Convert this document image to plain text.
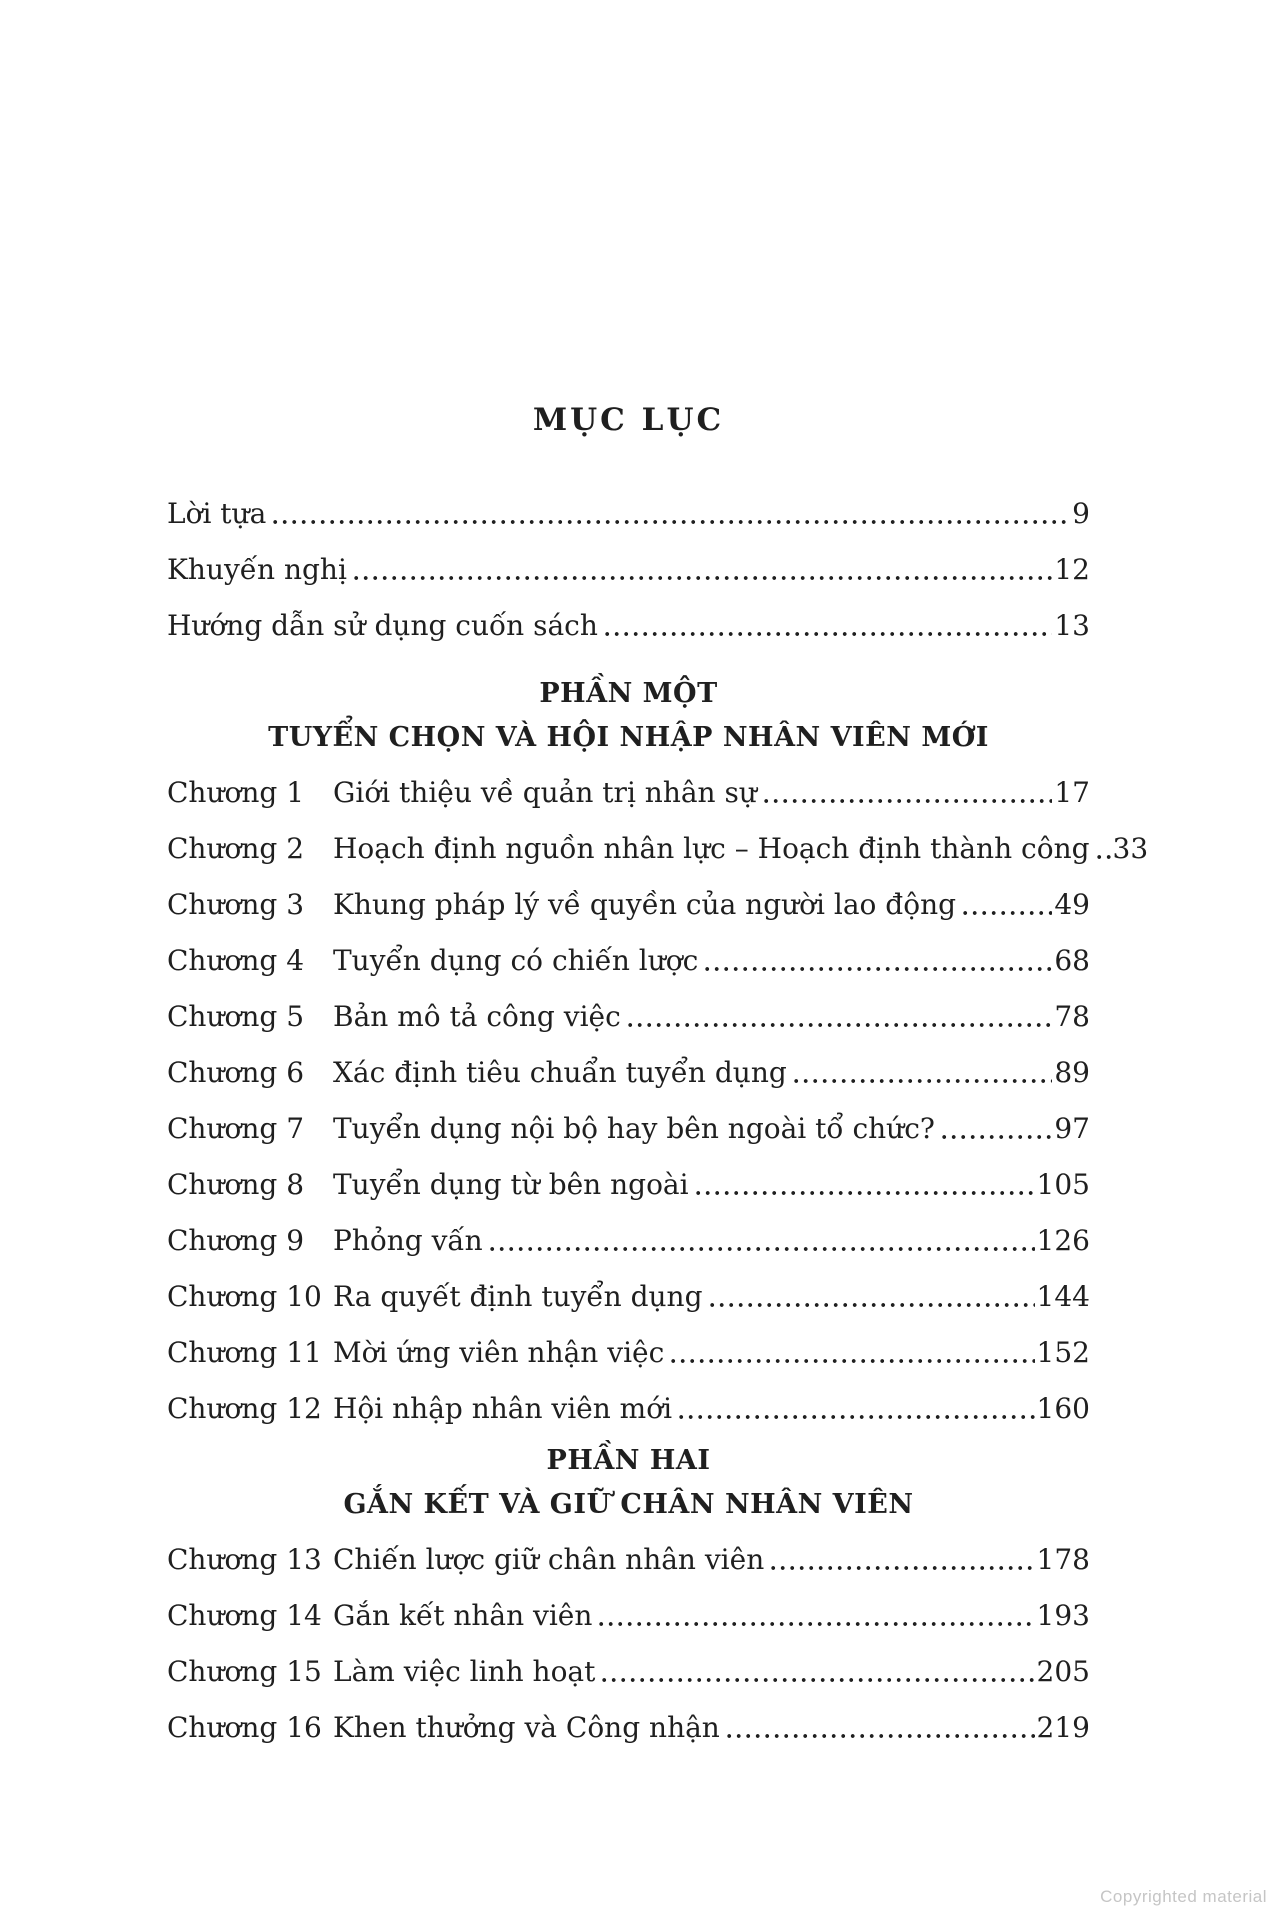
MỤC LỤC
Lời tựa	9
Khuyến nghị	12
Hướng dẫn sử dụng cuốn sách	13
PHẦN MỘT
TUYỂN CHỌN VÀ HỘI NHẬP NHÂN VIÊN MỚI
Chương 1	Giới thiệu về quản trị nhân sự	17
Chương 2	Hoạch định nguồn nhân lực – Hoạch định thành công 33
Chương 3	Khung pháp lý về quyền của người lao động	49
Chương 4	Tuyển dụng có chiến lược	68
Chương 5	Bản mô tả công việc	78
Chương 6	Xác định tiêu chuẩn tuyển dụng	89
Chương 7	Tuyển dụng nội bộ hay bên ngoài tổ chức?	97
Chương 8	Tuyển dụng từ bên ngoài	105
Chương 9	Phỏng vấn	126
Chương 10 Ra quyết định tuyển dụng	144
Chương 11 Mời ứng viên nhận việc	152
Chương 12 Hội nhập nhân viên mới	160
PHẦN HAI
GẮN KẾT VÀ GIỮ CHÂN NHÂN VIÊN
Chương 13 Chiến lược giữ chân nhân viên	178
Chương 14 Gắn kết nhân viên	193
Chương 15 Làm việc linh hoạt	205
Chương 16 Khen thưởng và Công nhận	219
Copyrighted material
